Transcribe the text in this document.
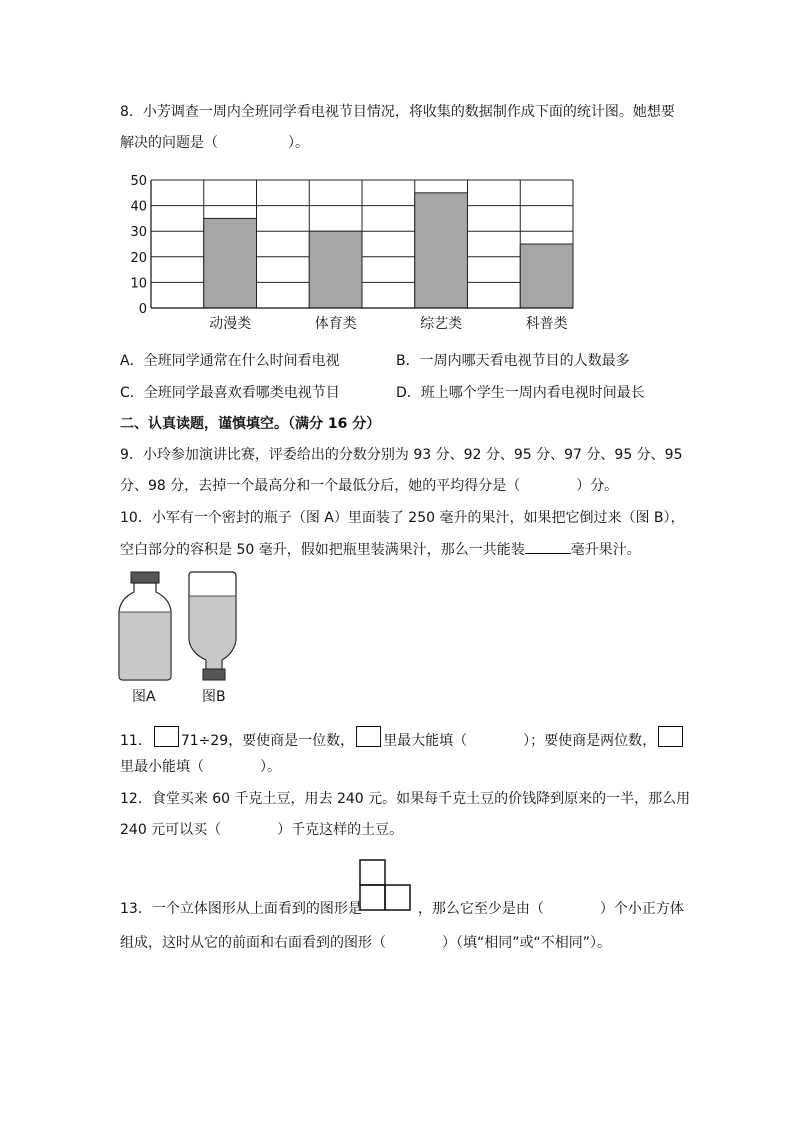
8．小芳调查一周内全班同学看电视节目情况，将收集的数据制作成下面的统计图。她想要
解决的问题是（　　　　　）。
0
10
20
30
40
50
动漫类	体育类	综艺类	科普类
A．全班同学通常在什么时间看电视	B．一周内哪天看电视节目的人数最多
C．全班同学最喜欢看哪类电视节目	D．班上哪个学生一周内看电视时间最长
二、认真读题，谨慎填空。（满分 16 分）
9．小玲参加演讲比赛，评委给出的分数分别为 93 分、92 分、95 分、97 分、95 分、95
分、98 分，去掉一个最高分和一个最低分后，她的平均得分是（　　　　）分。
10．小军有一个密封的瓶子（图 A）里面装了 250 毫升的果汁，如果把它倒过来（图 B），
空白部分的容积是 50 毫升，假如把瓶里装满果汁，那么一共能装	毫升果汁。
图A	图B
11． 71÷29，要使商是一位数， 里最大能填（　　　　）；要使商是两位数，
里最小能填（　　　　）。
12．食堂买来 60 千克土豆，用去 240 元。如果每千克土豆的价钱降到原来的一半，那么用
240 元可以买（　　　　）千克这样的土豆。
13．一个立体图形从上面看到的图形是	，那么它至少是由（　　　　）个小正方体
组成，这时从它的前面和右面看到的图形（　　　　）（填“相同”或“不相同”）。
